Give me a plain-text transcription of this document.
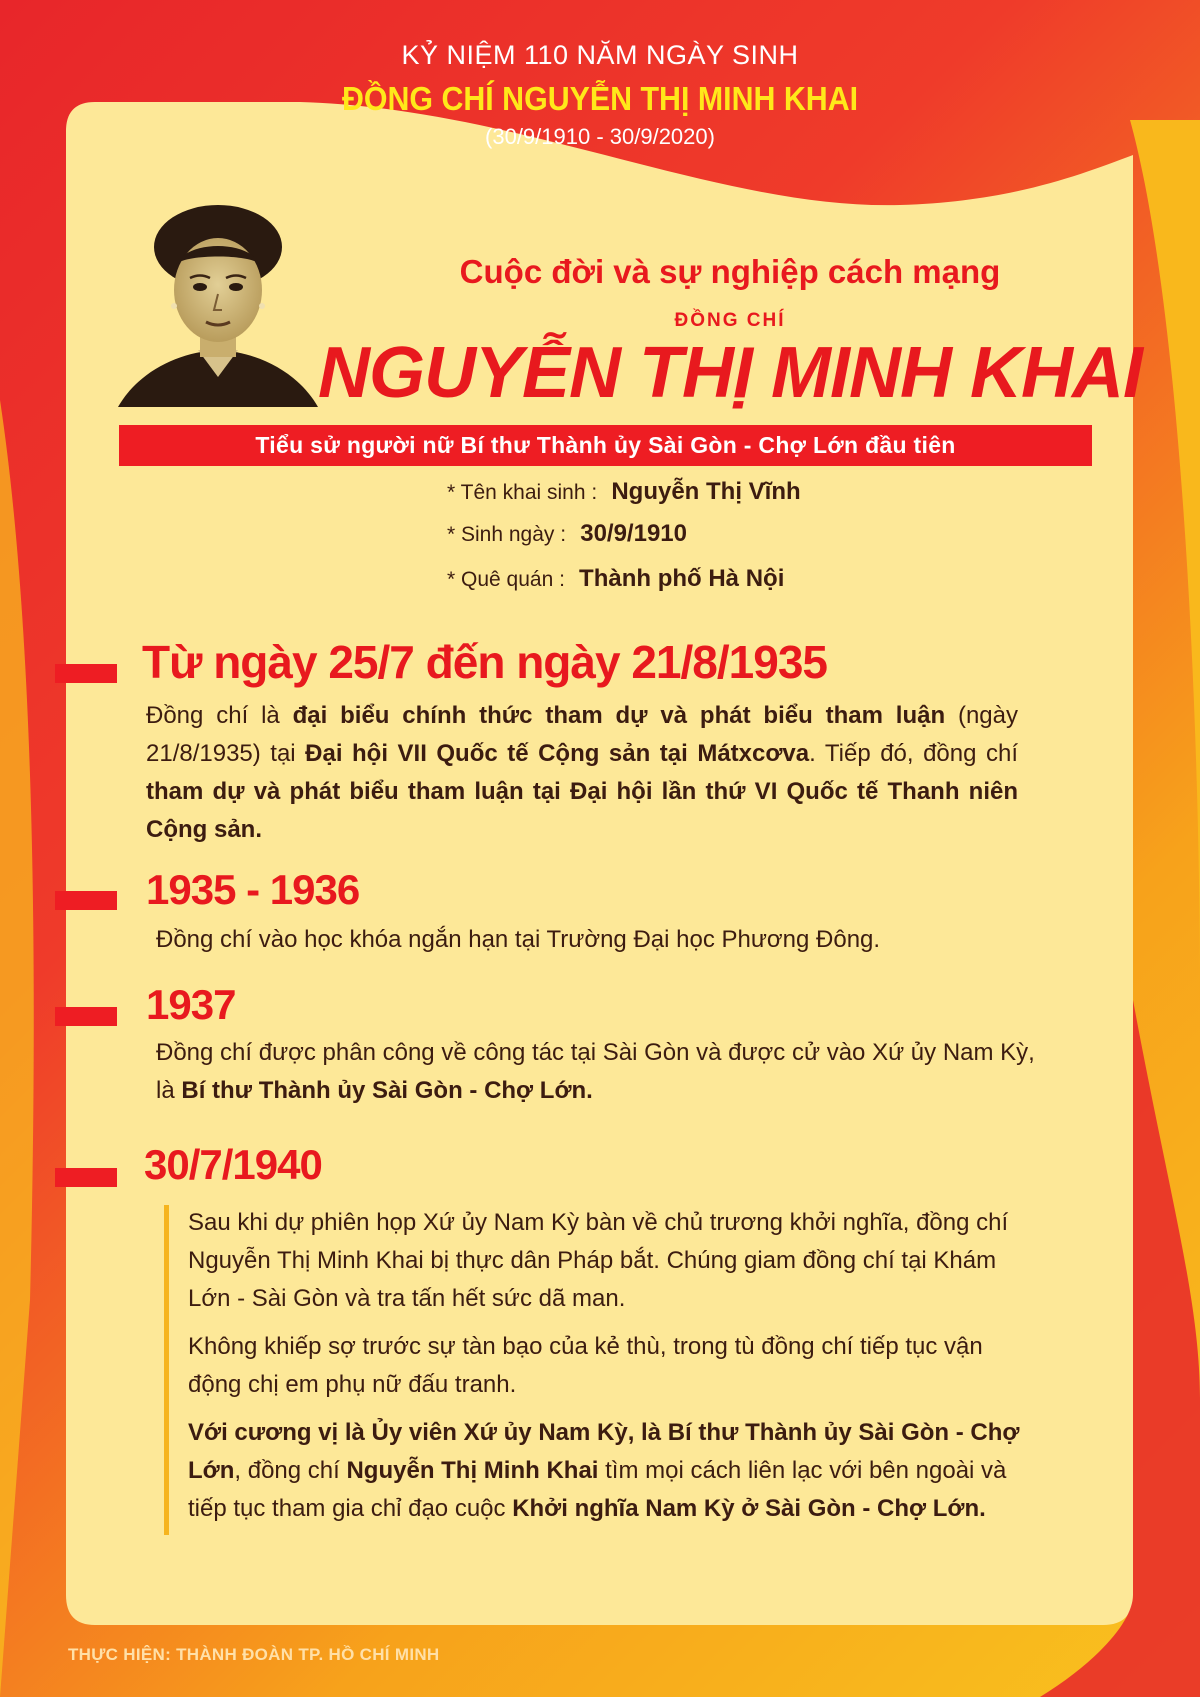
KỶ NIỆM 110 NĂM NGÀY SINH
ĐỒNG CHÍ NGUYỄN THỊ MINH KHAI
(30/9/1910 - 30/9/2020)
Cuộc đời và sự nghiệp cách mạng
ĐỒNG CHÍ
NGUYỄN THỊ MINH KHAI
Tiểu sử người nữ Bí thư Thành ủy Sài Gòn - Chợ Lớn đầu tiên
* Tên khai sinh : Nguyễn Thị Vĩnh
* Sinh ngày : 30/9/1910
* Quê quán : Thành phố Hà Nội
Từ ngày 25/7 đến ngày 21/8/1935
Đồng chí là đại biểu chính thức tham dự và phát biểu tham luận (ngày 21/8/1935) tại Đại hội VII Quốc tế Cộng sản tại Mátxcơva. Tiếp đó, đồng chí tham dự và phát biểu tham luận tại Đại hội lần thứ VI Quốc tế Thanh niên Cộng sản.
1935 - 1936
Đồng chí vào học khóa ngắn hạn tại Trường Đại học Phương Đông.
1937
Đồng chí được phân công về công tác tại Sài Gòn và được cử vào Xứ ủy Nam Kỳ, là Bí thư Thành ủy Sài Gòn - Chợ Lớn.
30/7/1940
Sau khi dự phiên họp Xứ ủy Nam Kỳ bàn về chủ trương khởi nghĩa, đồng chí Nguyễn Thị Minh Khai bị thực dân Pháp bắt. Chúng giam đồng chí tại Khám Lớn - Sài Gòn và tra tấn hết sức dã man.
Không khiếp sợ trước sự tàn bạo của kẻ thù, trong tù đồng chí tiếp tục vận động chị em phụ nữ đấu tranh.
Với cương vị là Ủy viên Xứ ủy Nam Kỳ, là Bí thư Thành ủy Sài Gòn - Chợ Lớn, đồng chí Nguyễn Thị Minh Khai tìm mọi cách liên lạc với bên ngoài và tiếp tục tham gia chỉ đạo cuộc Khởi nghĩa Nam Kỳ ở Sài Gòn - Chợ Lớn.
THỰC HIỆN: THÀNH ĐOÀN TP. HỒ CHÍ MINH
